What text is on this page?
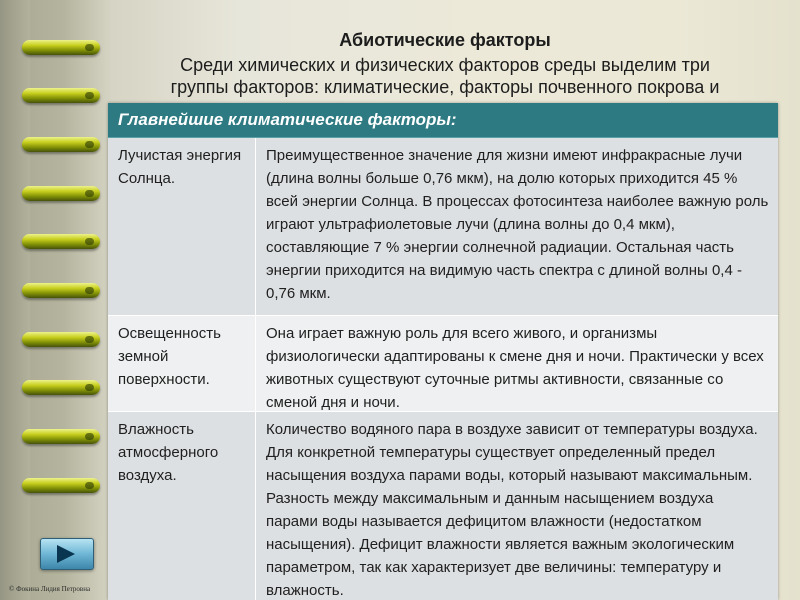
Абиотические факторы
Среди химических и физических факторов среды выделим три
группы факторов: климатические, факторы почвенного покрова и
Главнейшие климатические факторы:
Лучистая энергия Солнца.
Преимущественное значение для жизни имеют инфракрасные лучи (длина волны больше 0,76 мкм), на долю которых приходится 45 % всей энергии Солнца. В процессах фотосинтеза наиболее важную роль играют ультрафиолетовые лучи (длина волны до 0,4 мкм), составляющие 7 % энергии солнечной радиации. Остальная часть энергии приходится на видимую часть спектра с длиной волны 0,4 - 0,76 мкм.
Освещенность земной поверхности.
Она играет важную роль для всего живого, и организмы физиологически адаптированы к смене дня и ночи. Практически у всех животных существуют суточные ритмы активности, связанные со сменой дня и ночи.
Влажность атмосферного воздуха.
Количество водяного пара в воздухе зависит от температуры воздуха. Для конкретной температуры существует определенный предел насыщения воздуха парами воды, который называют максимальным. Разность между максимальным и данным насыщением воздуха парами воды называется дефицитом влажности (недостатком насыщения). Дефицит влажности является важным экологическим параметром, так как характеризует две величины: температуру и влажность.
© Фокина Лидия Петровна
